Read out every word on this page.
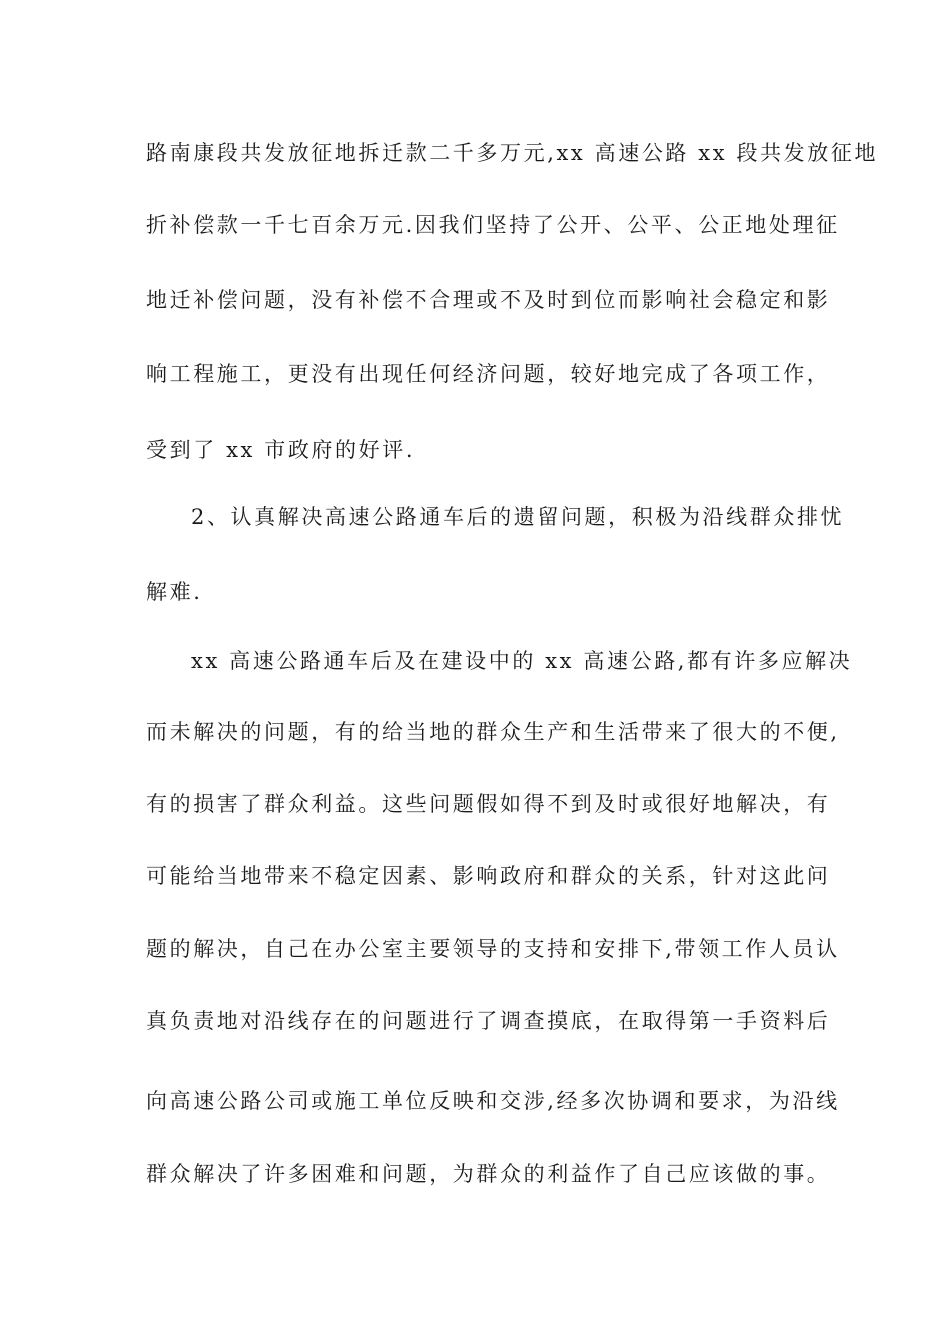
路南康段共发放征地拆迁款二千多万元,xx 高速公路 xx 段共发放征地
折补偿款一千七百余万元.因我们坚持了公开、公平、公正地处理征
地迁补偿问题，没有补偿不合理或不及时到位而影响社会稳定和影
响工程施工，更没有出现任何经济问题，较好地完成了各项工作，
受到了 xx 市政府的好评.
2、认真解决高速公路通车后的遗留问题，积极为沿线群众排忧
解难.
xx 高速公路通车后及在建设中的 xx 高速公路,都有许多应解决
而未解决的问题，有的给当地的群众生产和生活带来了很大的不便,
有的损害了群众利益。这些问题假如得不到及时或很好地解决，有
可能给当地带来不稳定因素、影响政府和群众的关系，针对这此问
题的解决，自己在办公室主要领导的支持和安排下,带领工作人员认
真负责地对沿线存在的问题进行了调查摸底，在取得第一手资料后
向高速公路公司或施工单位反映和交涉,经多次协调和要求，为沿线
群众解决了许多困难和问题，为群众的利益作了自己应该做的事。
